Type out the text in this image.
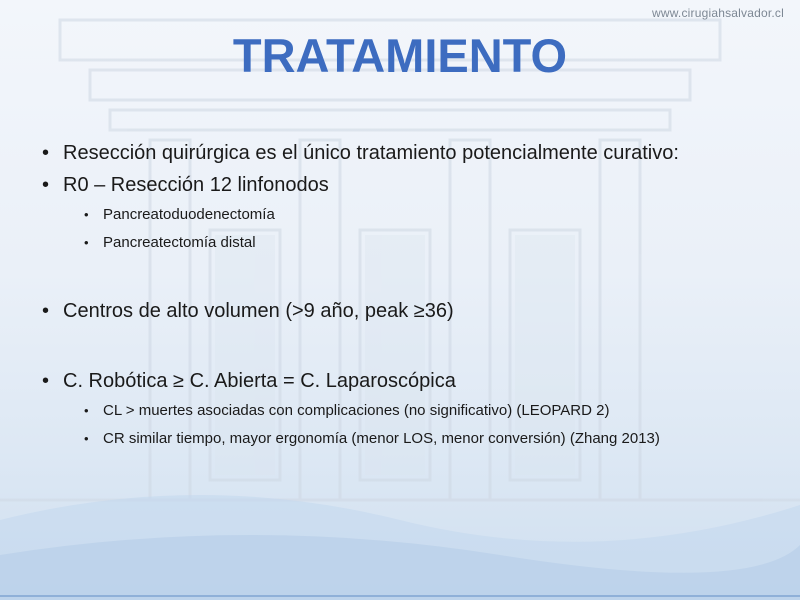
www.cirugiahsalvador.cl
TRATAMIENTO

• Resección quirúrgica es el único tratamiento potencialmente curativo:

• R0 – Resección 12 linfonodos

• Pancreatoduodenectomía

• Pancreatectomía distal

• Centros de alto volumen (>9 año, peak ≥36)

• C. Robótica ≥ C. Abierta = C. Laparoscópica

• CL > muertes asociadas con complicaciones (no significativo) (LEOPARD 2)

• CR similar tiempo, mayor ergonomía (menor LOS, menor conversión) (Zhang 2013)
